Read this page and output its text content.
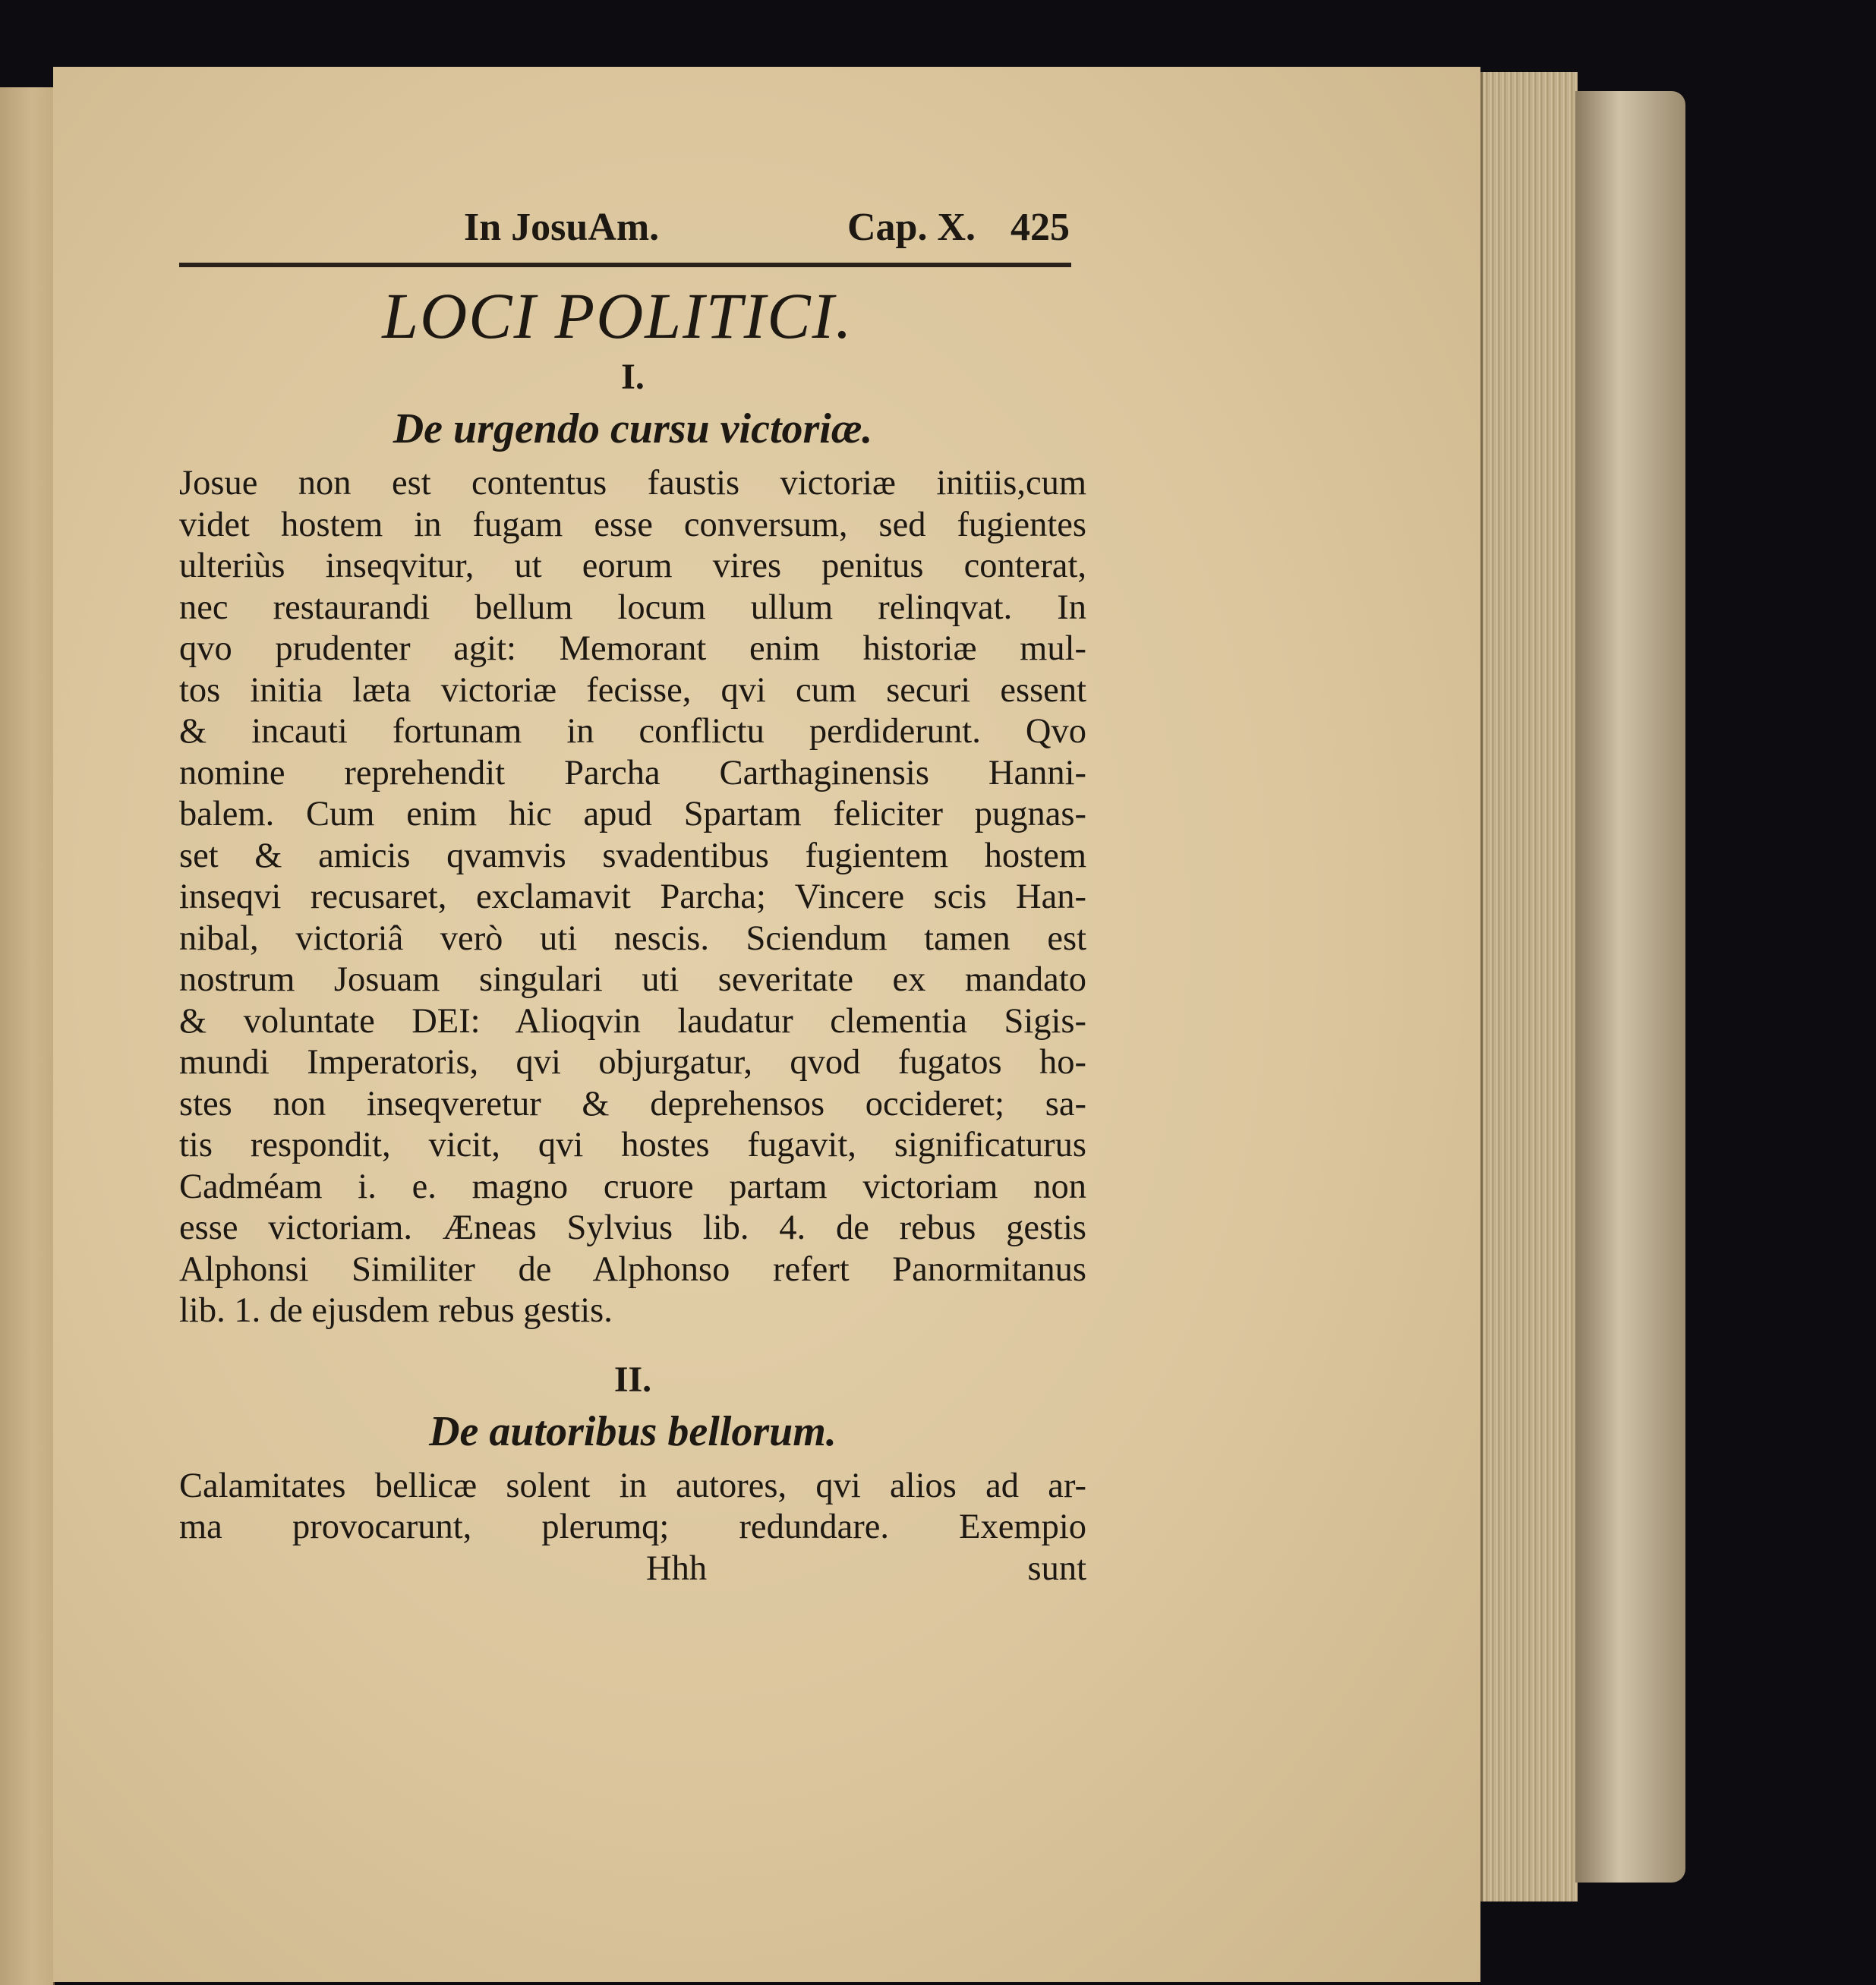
In JosuAm.	Cap. X. 425
LOCI POLITICI.
I.
De urgendo cursu victoriæ.
Josue non est contentus faustis victoriæ initiis,cum
videt hostem in fugam esse conversum, sed fugientes
ulteriùs inseqvitur, ut eorum vires penitus conterat,
nec restaurandi bellum locum ullum relinqvat. In
qvo prudenter agit: Memorant enim historiæ mul-
tos initia læta victoriæ fecisse, qvi cum securi essent
& incauti fortunam in conflictu perdiderunt. Qvo
nomine reprehendit Parcha Carthaginensis Hanni-
balem. Cum enim hic apud Spartam feliciter pugnas-
set & amicis qvamvis svadentibus fugientem hostem
inseqvi recusaret, exclamavit Parcha; Vincere scis Han-
nibal, victoriâ verò uti nescis. Sciendum tamen est
nostrum Josuam singulari uti severitate ex mandato
& voluntate DEI: Alioqvin laudatur clementia Sigis-
mundi Imperatoris, qvi objurgatur, qvod fugatos ho-
stes non inseqveretur & deprehensos occideret; sa-
tis respondit, vicit, qvi hostes fugavit, significaturus
Cadméam i. e. magno cruore partam victoriam non
esse victoriam. Æneas Sylvius lib. 4. de rebus gestis
Alphonsi Similiter de Alphonso refert Panormitanus
lib. 1. de ejusdem rebus gestis.
II.
De autoribus bellorum.
Calamitates bellicæ solent in autores, qvi alios ad ar-
ma provocarunt, plerumq; redundare. Exempio
Hhh	sunt
